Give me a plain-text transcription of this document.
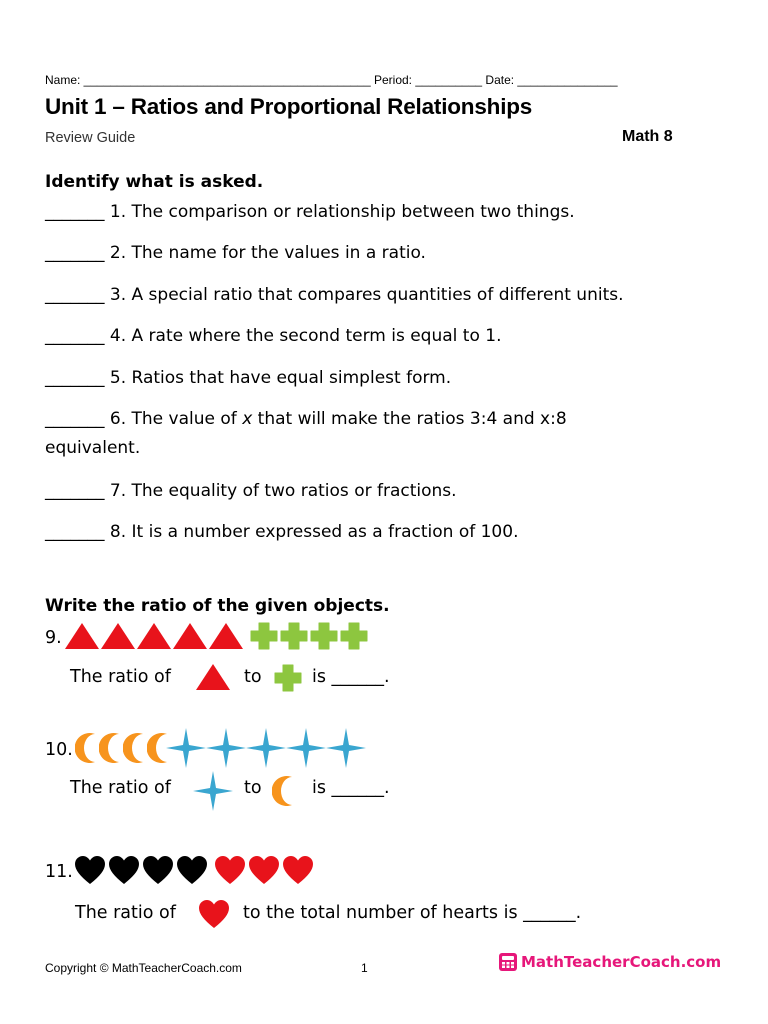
Name: ___________________________________________ Period: __________ Date: _______________
Unit 1 – Ratios and Proportional Relationships
Review Guide	Math 8
Identify what is asked.
_______ 1. The comparison or relationship between two things.
_______ 2. The name for the values in a ratio.
_______ 3. A special ratio that compares quantities of different units.
_______ 4. A rate where the second term is equal to 1.
_______ 5. Ratios that have equal simplest form.
_______ 6. The value of x that will make the ratios 3:4 and x:8
equivalent.
_______ 7. The equality of two ratios or fractions.
_______ 8. It is a number expressed as a fraction of 100.
Write the ratio of the given objects.
9.
The ratio of	to	is ______.
10.
The ratio of	to	is ______.
11.
The ratio of	to the total number of hearts is ______.
Copyright © MathTeacherCoach.com	1	MathTeacherCoach.com
